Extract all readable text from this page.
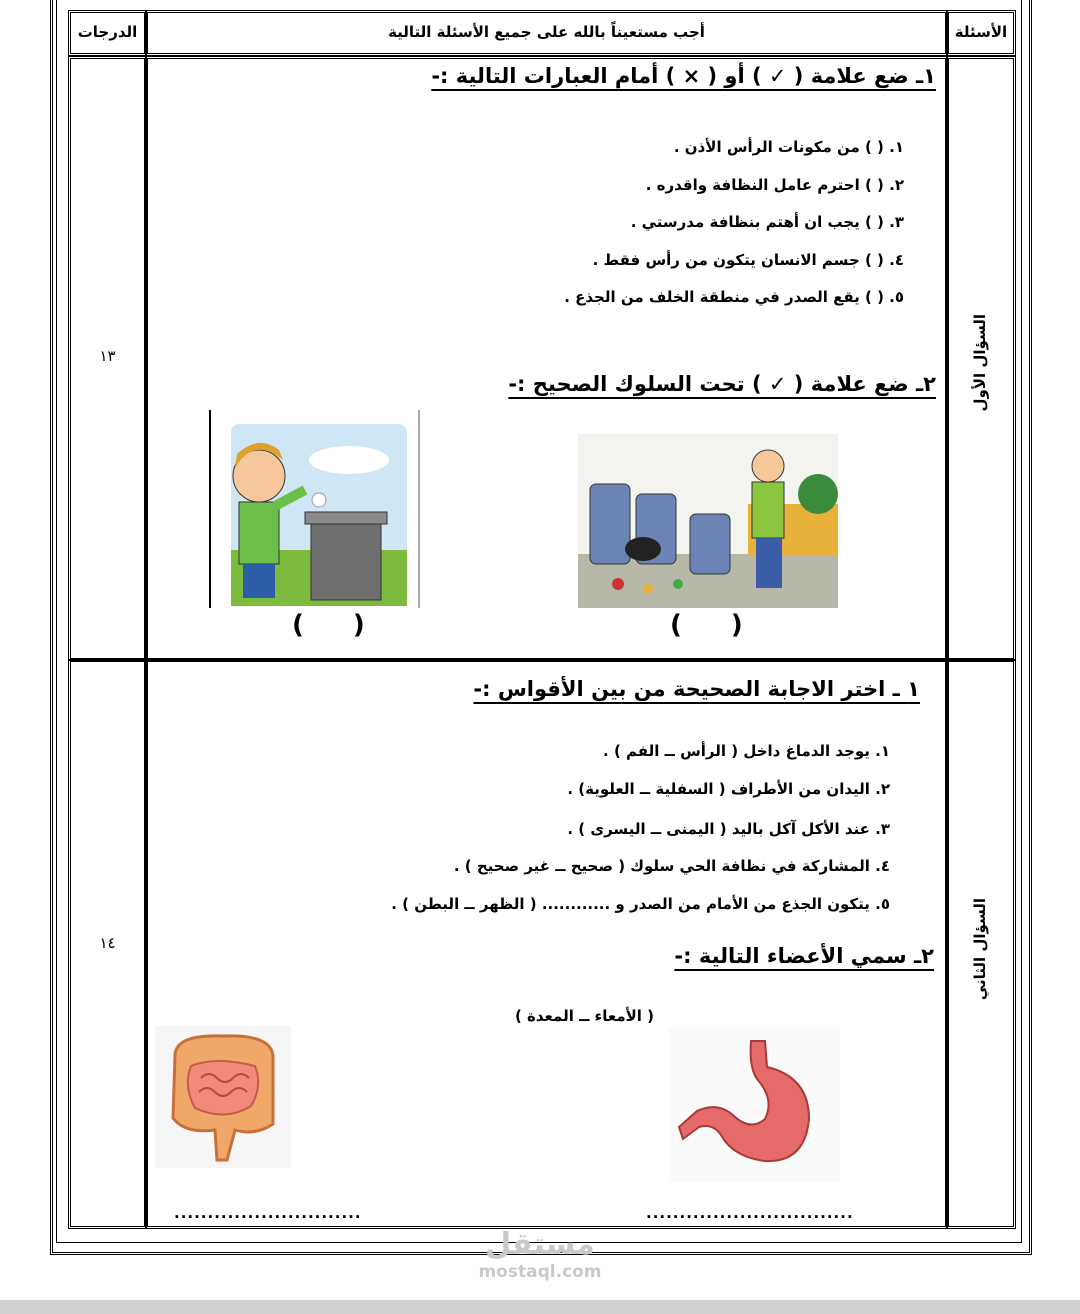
الدرجات	أجب مستعيناً بالله على جميع الأسئلة التالية	الأسئلة
١٣	السؤال الأول
١ـ ضع علامة ( ✓ ) أو ( × ) أمام العبارات التالية :-
١. ( ) من مكونات الرأس الأذن .
٢. ( ) احترم عامل النظافة واقدره .
٣. ( ) يجب ان أهتم بنظافة مدرستي .
٤. ( ) جسم الانسان يتكون من رأس فقط .
٥. ( ) يقع الصدر في منطقة الخلف من الجذع .
٢ـ ضع علامة ( ✓ ) تحت السلوك الصحيح :-
( )	( )
١٤	السؤال الثاني
١ ـ اختر الاجابة الصحيحة من بين الأقواس :-
١. يوجد الدماغ داخل ( الرأس ــ الفم ) .
٢. اليدان من الأطراف ( السفلية ــ العلوية) .
٣. عند الأكل آكل باليد ( اليمنى ــ اليسرى ) .
٤. المشاركة في نظافة الحي سلوك ( صحيح ــ غير صحيح ) .
٥. يتكون الجذع من الأمام من الصدر و ............ ( الظهر ــ البطن ) .
٢ـ سمي الأعضاء التالية :-
( الأمعاء ــ المعدة )
............................	...............................
مستقل
mostaql.com
